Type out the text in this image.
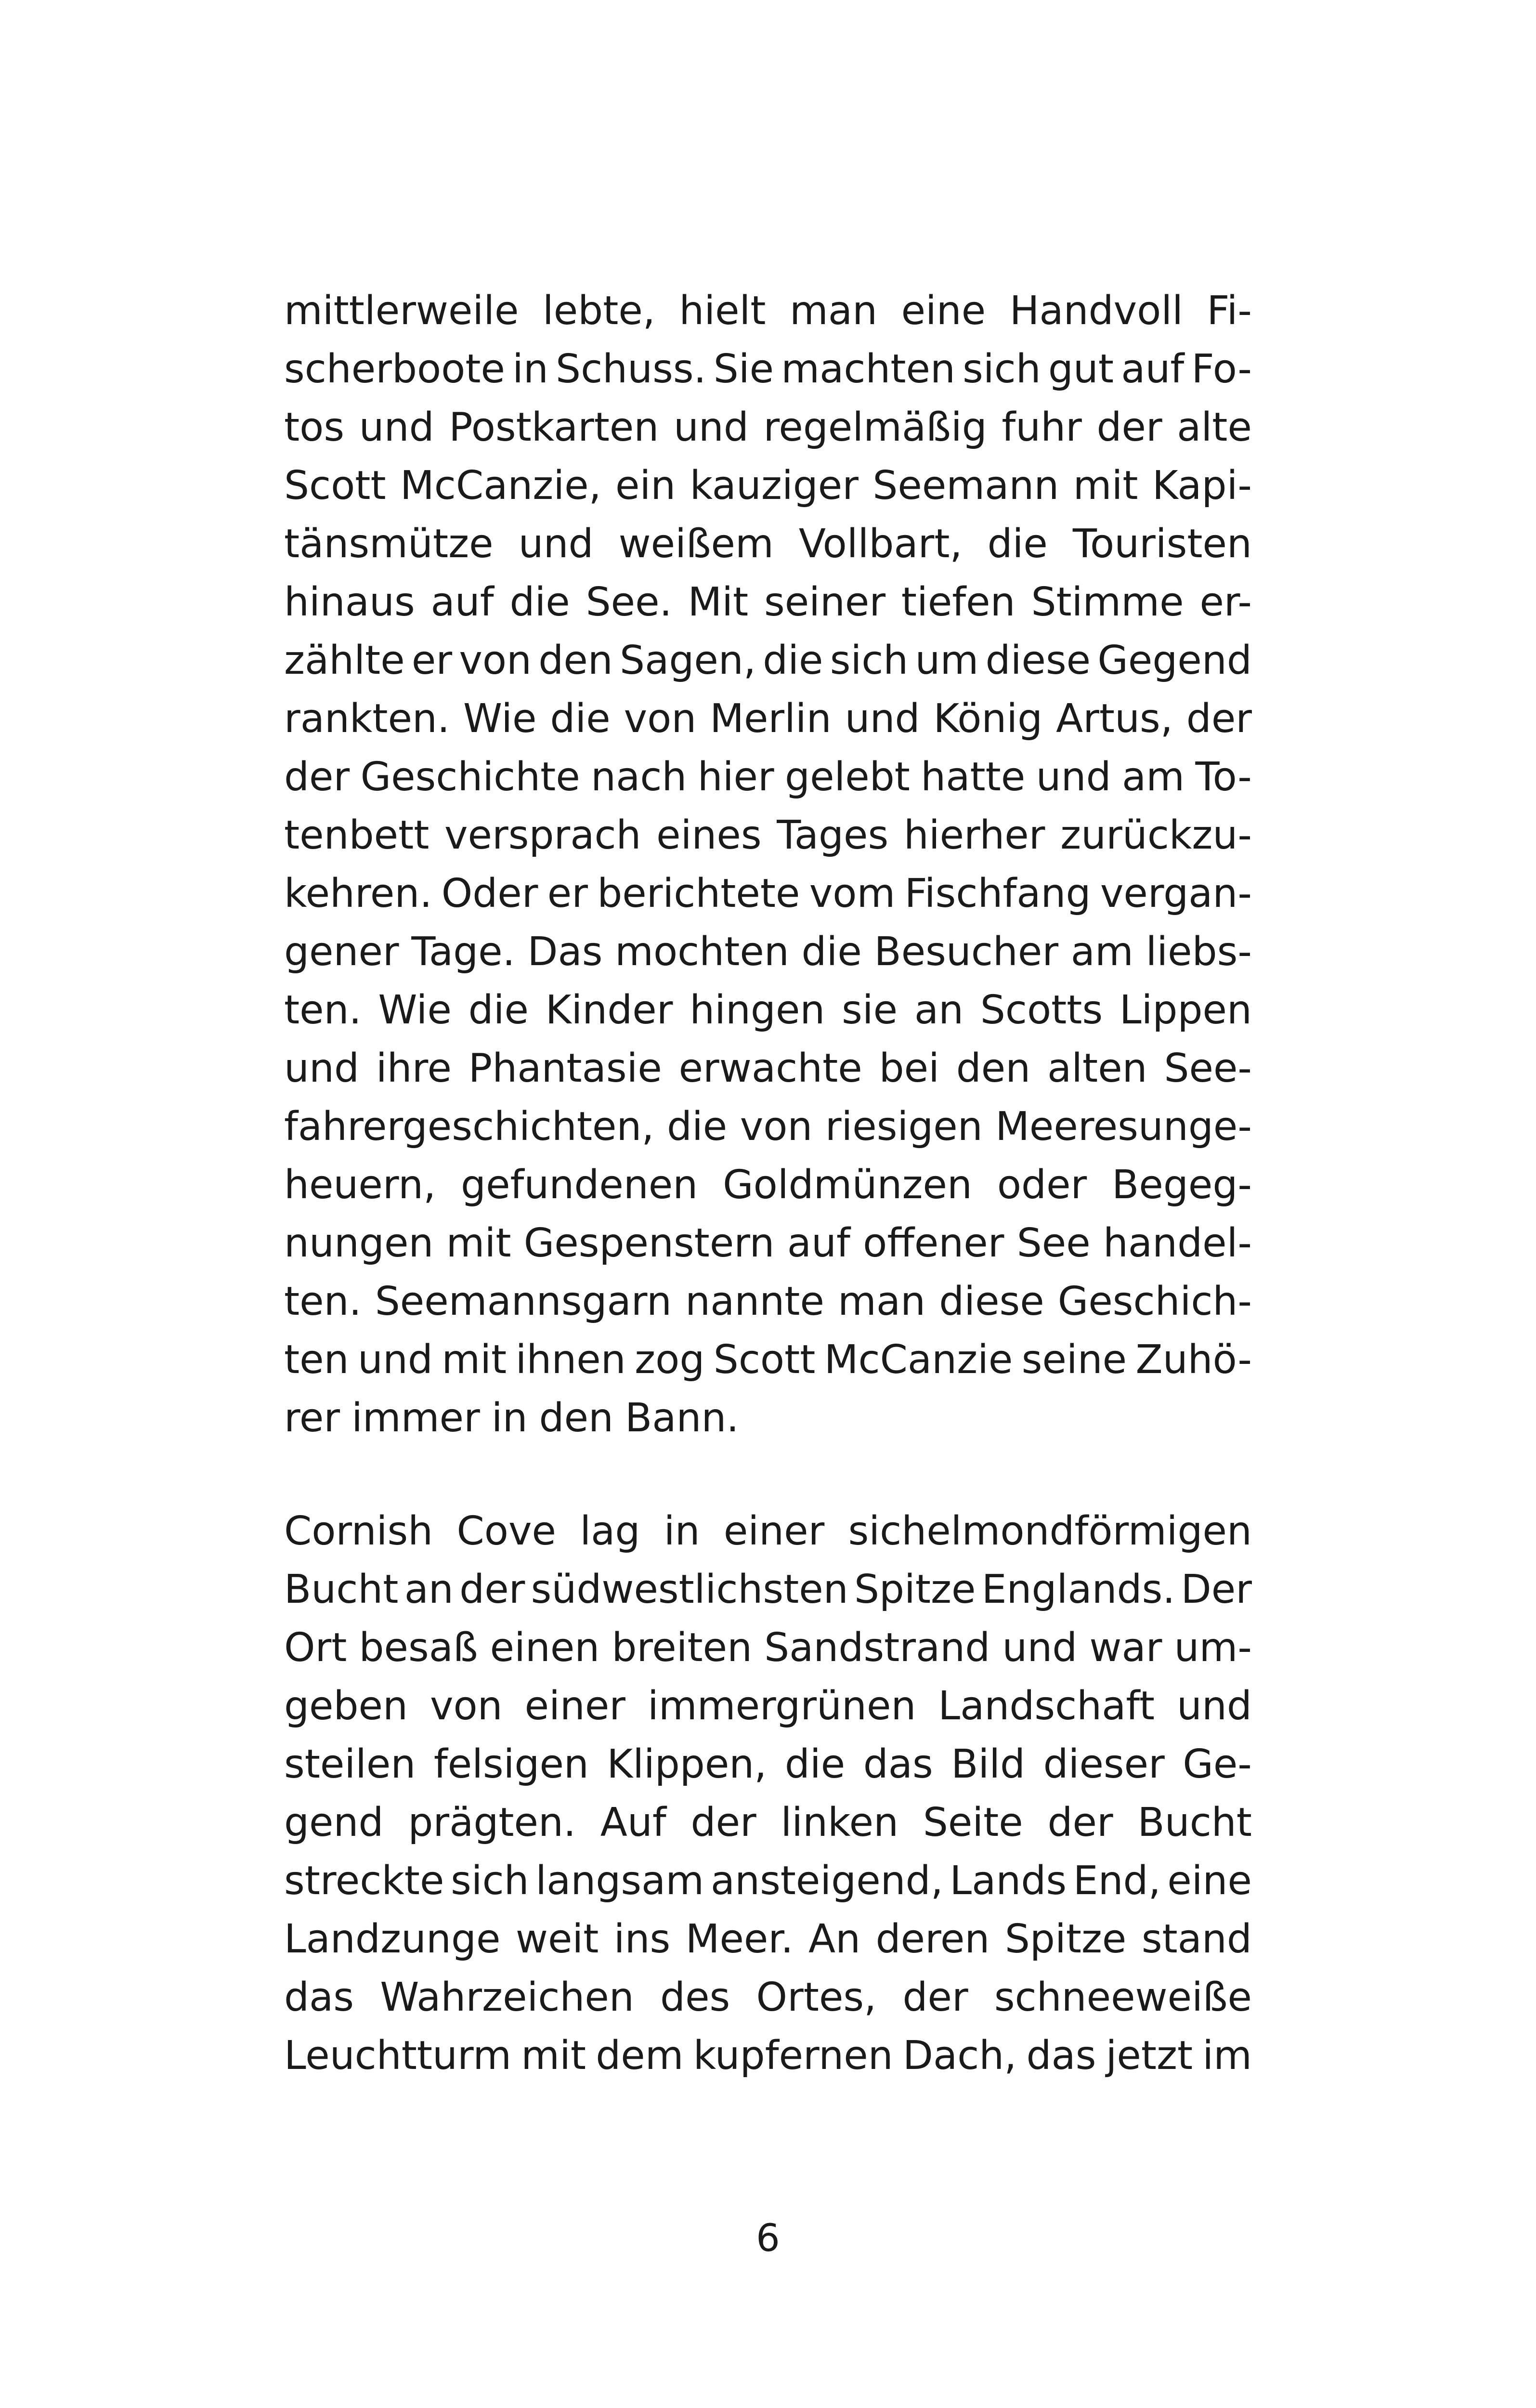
mittlerweile lebte, hielt man eine Handvoll Fi-
scherboote in Schuss. Sie machten sich gut auf Fo-
tos und Postkarten und regelmäßig fuhr der alte
Scott McCanzie, ein kauziger Seemann mit Kapi-
tänsmütze und weißem Vollbart, die Touristen
hinaus auf die See. Mit seiner tiefen Stimme er-
zählte er von den Sagen, die sich um diese Gegend
rankten. Wie die von Merlin und König Artus, der
der Geschichte nach hier gelebt hatte und am To-
tenbett versprach eines Tages hierher zurückzu-
kehren. Oder er berichtete vom Fischfang vergan-
gener Tage. Das mochten die Besucher am liebs-
ten. Wie die Kinder hingen sie an Scotts Lippen
und ihre Phantasie erwachte bei den alten See-
fahrergeschichten, die von riesigen Meeresunge-
heuern, gefundenen Goldmünzen oder Begeg-
nungen mit Gespenstern auf offener See handel-
ten. Seemannsgarn nannte man diese Geschich-
ten und mit ihnen zog Scott McCanzie seine Zuhö-
rer immer in den Bann.
Cornish Cove lag in einer sichelmondförmigen
Bucht an der südwestlichsten Spitze Englands. Der
Ort besaß einen breiten Sandstrand und war um-
geben von einer immergrünen Landschaft und
steilen felsigen Klippen, die das Bild dieser Ge-
gend prägten. Auf der linken Seite der Bucht
streckte sich langsam ansteigend, Lands End, eine
Landzunge weit ins Meer. An deren Spitze stand
das Wahrzeichen des Ortes, der schneeweiße
Leuchtturm mit dem kupfernen Dach, das jetzt im
6
